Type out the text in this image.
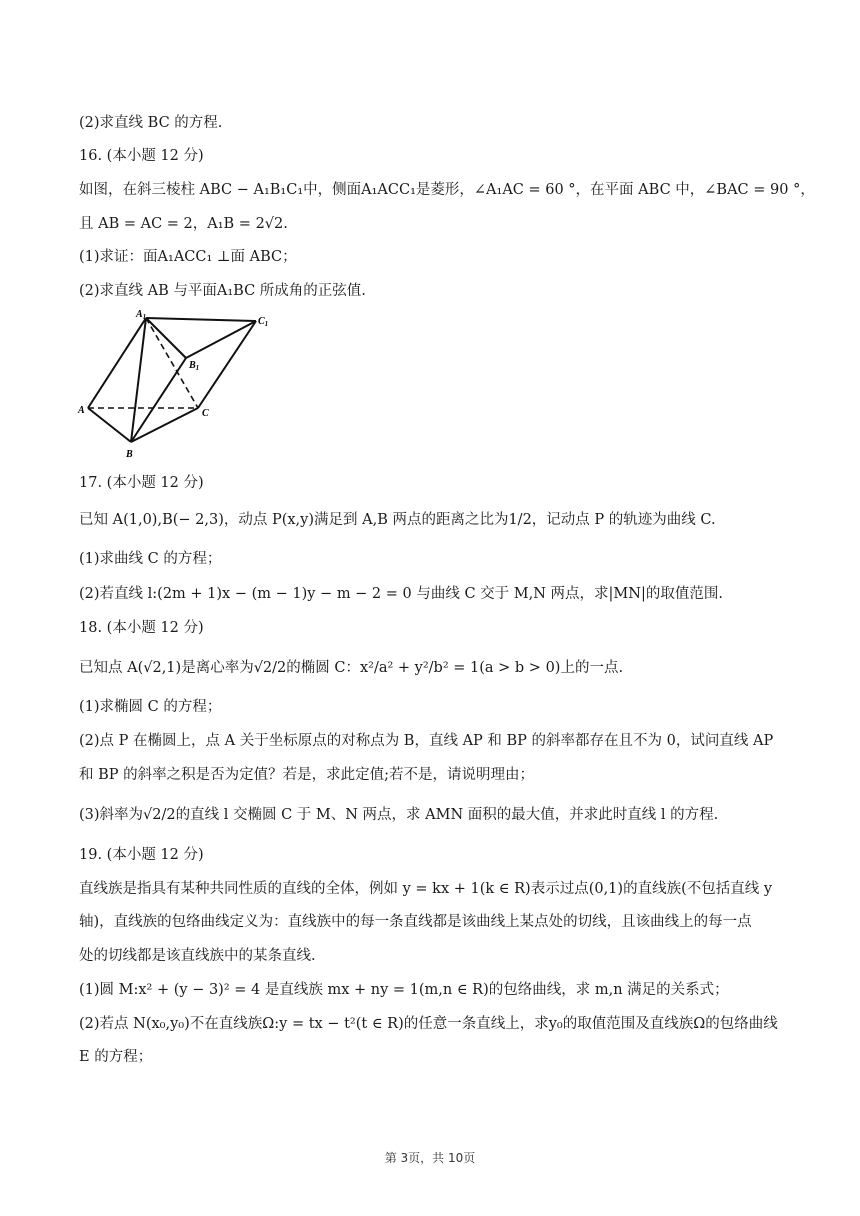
(2)求直线 BC 的方程.
16. (本小题 12 分)
如图，在斜三棱柱 ABC − A₁B₁C₁中，侧面A₁ACC₁是菱形，∠A₁AC = 60 °，在平面 ABC 中，∠BAC = 90 °，
且 AB = AC = 2，A₁B = 2√2.
(1)求证：面A₁ACC₁ ⊥面 ABC；
(2)求直线 AB 与平面A₁BC 所成角的正弦值.
$A_1$	$C_1$
$B_1$
A	C
B
17. (本小题 12 分)
已知 A(1,0),B(− 2,3)，动点 P(x,y)满足到 A,B 两点的距离之比为1/2，记动点 P 的轨迹为曲线 C.
(1)求曲线 C 的方程；
(2)若直线 l:(2m + 1)x − (m − 1)y − m − 2 = 0 与曲线 C 交于 M,N 两点，求|MN|的取值范围.
18. (本小题 12 分)
已知点 A(√2,1)是离心率为√2/2的椭圆 C：x²/a² + y²/b² = 1(a > b > 0)上的一点.
(1)求椭圆 C 的方程；
(2)点 P 在椭圆上，点 A 关于坐标原点的对称点为 B，直线 AP 和 BP 的斜率都存在且不为 0，试问直线 AP
和 BP 的斜率之积是否为定值？若是，求此定值;若不是，请说明理由；
(3)斜率为√2/2的直线 l 交椭圆 C 于 M、N 两点，求 AMN 面积的最大值，并求此时直线 l 的方程.
19. (本小题 12 分)
直线族是指具有某种共同性质的直线的全体，例如 y = kx + 1(k ∈ R)表示过点(0,1)的直线族(不包括直线 y
轴)，直线族的包络曲线定义为：直线族中的每一条直线都是该曲线上某点处的切线，且该曲线上的每一点
处的切线都是该直线族中的某条直线.
(1)圆 M:x² + (y − 3)² = 4 是直线族 mx + ny = 1(m,n ∈ R)的包络曲线，求 m,n 满足的关系式；
(2)若点 N(x₀,y₀)不在直线族Ω:y = tx − t²(t ∈ R)的任意一条直线上，求y₀的取值范围及直线族Ω的包络曲线
E 的方程；
第 3页，共 10页
